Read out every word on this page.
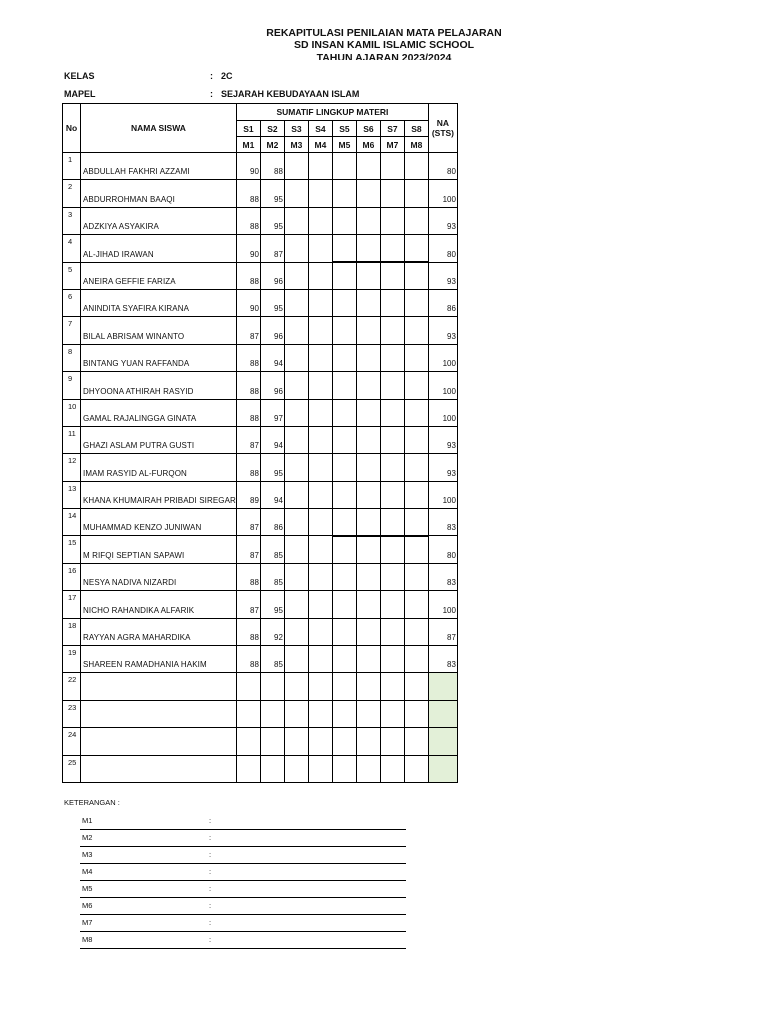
REKAPITULASI PENILAIAN MATA PELAJARAN
SD INSAN KAMIL ISLAMIC SCHOOL
TAHUN AJARAN 2023/2024
KELAS	: 2C
MAPEL	: SEJARAH KEBUDAYAAN ISLAM
No	NAMA SISWA	SUMATIF LINGKUP MATERI								NA (STS)
		S1	S2	S3	S4	S5	S6	S7	S8	
		M1	M2	M3	M4	M5	M6	M7	M8	

1	ABDULLAH FAKHRI AZZAMI	90	88							80

2	ABDURROHMAN BAAQI	88	95							100

3	ADZKIYA ASYAKIRA	88	95							93

4	AL-JIHAD IRAWAN	90	87							80

5	ANEIRA GEFFIE FARIZA	88	96							93

6	ANINDITA SYAFIRA KIRANA	90	95							86

7	BILAL ABRISAM WINANTO	87	96							93

8	BINTANG YUAN RAFFANDA	88	94							100

9	DHYOONA ATHIRAH RASYID	88	96							100

10	GAMAL RAJALINGGA GINATA	88	97							100

11	GHAZI ASLAM PUTRA GUSTI	87	94							93

12	IMAM RASYID AL-FURQON	88	95							93

13	KHANA KHUMAIRAH PRIBADI SIREGAR	89	94							100

14	MUHAMMAD KENZO JUNIWAN	87	86							83

15	M RIFQI SEPTIAN SAPAWI	87	85							80

16	NESYA NADIVA NIZARDI	88	85							83

17	NICHO RAHANDIKA ALFARIK	87	95							100

18	RAYYAN AGRA MAHARDIKA	88	92							87

19	SHAREEN RAMADHANIA HAKIM	88	85							83

22										

23										

24										

25										

KETERANGAN :
M1	:
M2	:
M3	:
M4	:
M5	:
M6	:
M7	:
M8	:
